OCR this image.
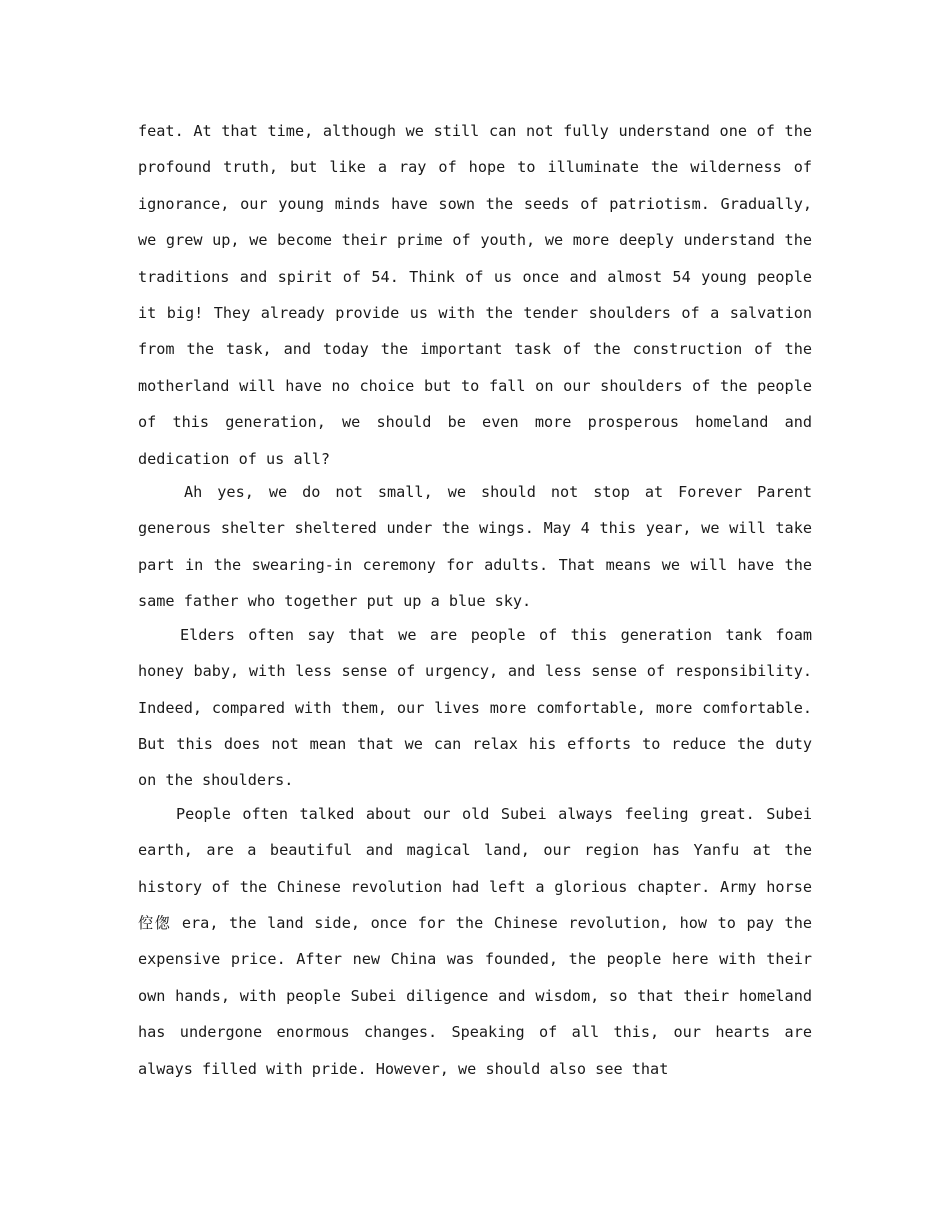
feat. At that time, although we still can not fully understand one of the profound truth, but like a ray of hope to illuminate the wilderness of ignorance, our young minds have sown the seeds of patriotism. Gradually, we grew up, we become their prime of youth, we more deeply understand the traditions and spirit of 54. Think of us once and almost 54 young people it big! They already provide us with the tender shoulders of a salvation from the task, and today the important task of the construction of the motherland will have no choice but to fall on our shoulders of the people of this generation, we should be even more prosperous homeland and dedication of us all?

Ah yes, we do not small, we should not stop at Forever Parent generous shelter sheltered under the wings. May 4 this year, we will take part in the swearing-in ceremony for adults. That means we will have the same father who together put up a blue sky.

Elders often say that we are people of this generation tank foam honey baby, with less sense of urgency, and less sense of responsibility. Indeed, compared with them, our lives more comfortable, more comfortable. But this does not mean that we can relax his efforts to reduce the duty on the shoulders.

People often talked about our old Subei always feeling great. Subei earth, are a beautiful and magical land, our region has Yanfu at the history of the Chinese revolution had left a glorious chapter. Army horse 倥偬 era, the land side, once for the Chinese revolution, how to pay the expensive price. After new China was founded, the people here with their own hands, with people Subei diligence and wisdom, so that their homeland has undergone enormous changes. Speaking of all this, our hearts are always filled with pride. However, we should also see that
